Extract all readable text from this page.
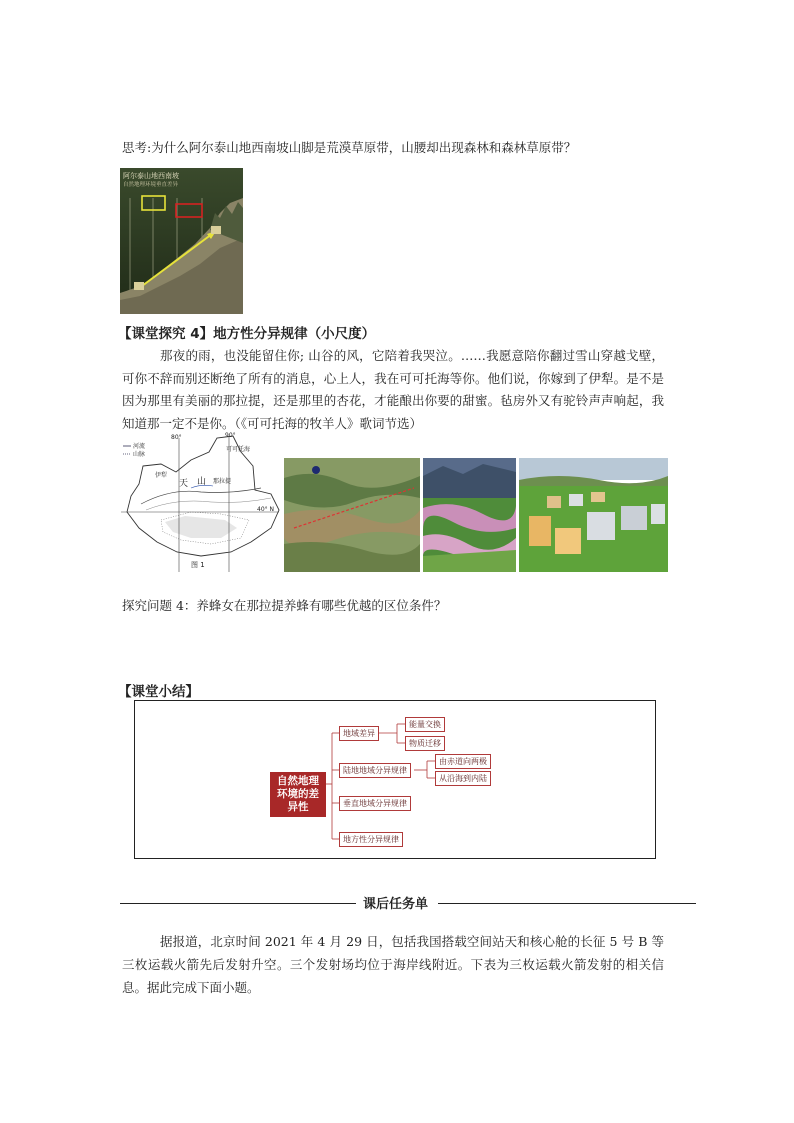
思考:为什么阿尔泰山地西南坡山脚是荒漠草原带，山腰却出现森林和森林草原带？
阿尔泰山地西南坡
自然地理环境垂直差异
【课堂探究 4】地方性分异规律（小尺度）
那夜的雨，也没能留住你; 山谷的风，它陪着我哭泣。……我愿意陪你翻过雪山穿越戈壁，可你不辞而别还断绝了所有的消息，心上人，我在可可托海等你。他们说，你嫁到了伊犁。是不是因为那里有美丽的那拉提，还是那里的杏花，才能酿出你要的甜蜜。毡房外又有驼铃声声响起，我知道那一定不是你。（《可可托海的牧羊人》歌词节选）
河流
山脉
80°	90°
40° N
可可托海
伊犁
那拉提
天 山
图 1
探究问题 4：养蜂女在那拉提养蜂有哪些优越的区位条件？
【课堂小结】
自然地理环境的差异性
地域差异
陆地地域分异规律
垂直地域分异规律
地方性分异规律
能量交换
物质迁移
由赤道向两极
从沿海到内陆
课后任务单
据报道，北京时间 2021 年 4 月 29 日，包括我国搭载空间站天和核心舱的长征 5 号 B 等三枚运载火箭先后发射升空。三个发射场均位于海岸线附近。下表为三枚运载火箭发射的相关信息。据此完成下面小题。
